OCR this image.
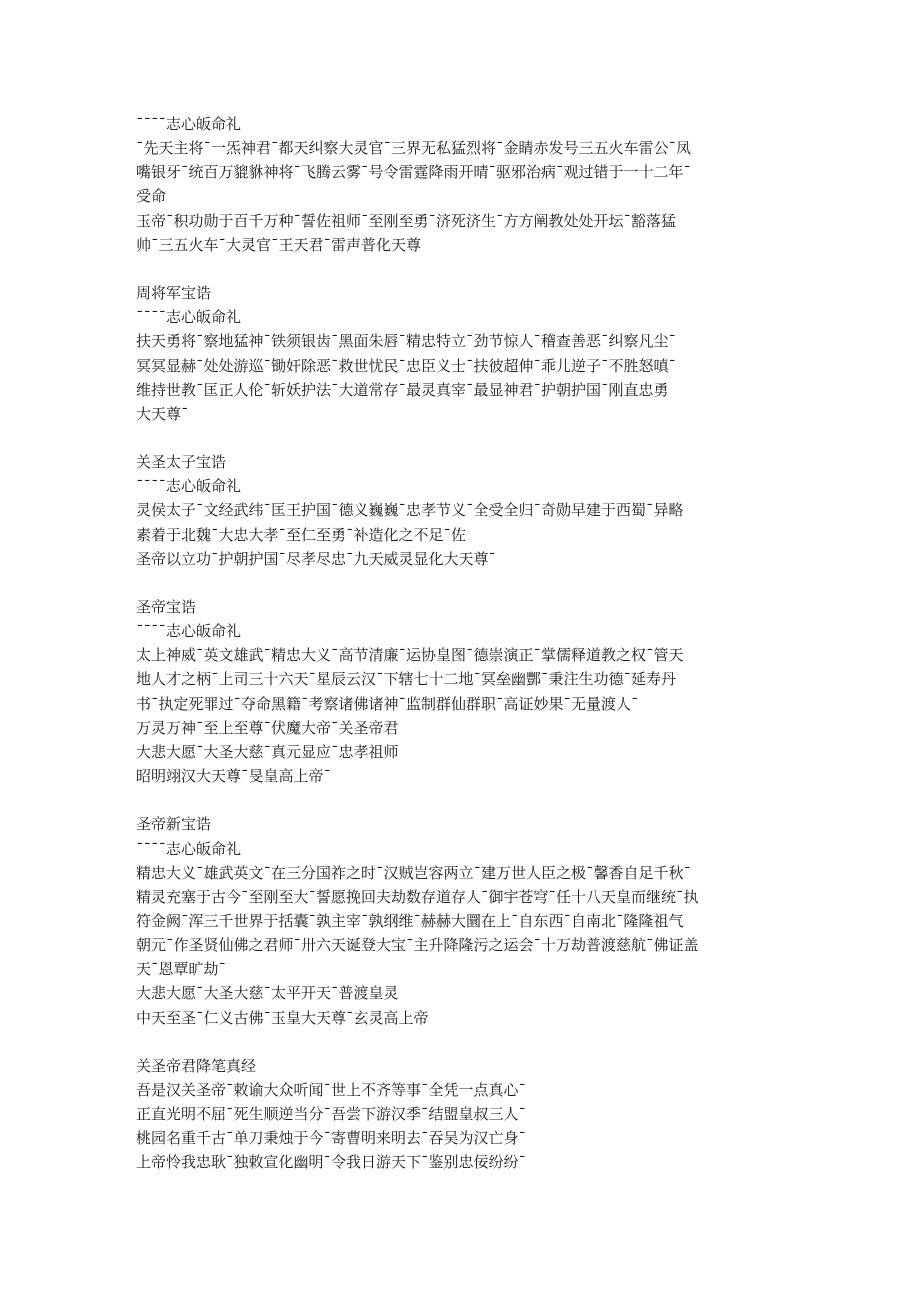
¯¯¯¯志心皈命礼
¯先天主将¯一炁神君¯都天纠察大灵官¯三界无私猛烈将¯金睛赤发号三五火车雷公¯凤
嘴银牙¯统百万貔貅神将¯飞腾云雾¯号令雷霆降雨开晴¯驱邪治病¯观过错于一十二年¯
受命
玉帝¯积功勋于百千万种¯誓佐祖师¯至刚至勇¯济死济生¯方方阐教处处开坛¯豁落猛
帅¯三五火车¯大灵官¯王天君¯雷声普化天尊
周将军宝诰
¯¯¯¯志心皈命礼
扶天勇将¯察地猛神¯铁须银齿¯黑面朱唇¯精忠特立¯劲节惊人¯稽查善恶¯纠察凡尘¯
冥冥显赫¯处处游巡¯锄奸除恶¯救世忧民¯忠臣义士¯扶彼超伸¯乖儿逆子¯不胜怒嗔¯
维持世教¯匡正人伦¯斩妖护法¯大道常存¯最灵真宰¯最显神君¯护朝护国¯刚直忠勇
大天尊¯
关圣太子宝诰
¯¯¯¯志心皈命礼
灵侯太子¯文经武纬¯匡王护国¯德义巍巍¯忠孝节义¯全受全归¯奇勋早建于西蜀¯异略
素着于北魏¯大忠大孝¯至仁至勇¯补造化之不足¯佐
圣帝以立功¯护朝护国¯尽孝尽忠¯九天威灵显化大天尊¯
圣帝宝诰
¯¯¯¯志心皈命礼
太上神威¯英文雄武¯精忠大义¯高节清廉¯运协皇图¯德崇演正¯掌儒释道教之权¯管天
地人才之柄¯上司三十六天¯星辰云汉¯下辖七十二地¯冥垒幽酆¯秉注生功德¯延寿丹
书¯执定死罪过¯夺命黑籍¯考察诸佛诸神¯监制群仙群职¯高证妙果¯无量渡人¯
万灵万神¯至上至尊¯伏魔大帝¯关圣帝君
大悲大愿¯大圣大慈¯真元显应¯忠孝祖师
昭明翊汉大天尊¯旻皇高上帝¯
圣帝新宝诰
¯¯¯¯志心皈命礼
精忠大义¯雄武英文¯在三分国祚之时¯汉贼岂容两立¯建万世人臣之极¯馨香自足千秋¯
精灵充塞于古今¯至刚至大¯誓愿挽回夫劫数存道存人¯御宇苍穹¯任十八天皇而继统¯执
符金阙¯浑三千世界于括囊¯孰主宰¯孰纲维¯赫赫大圜在上¯自东西¯自南北¯隆隆祖气
朝元¯作圣贤仙佛之君师¯卅六天诞登大宝¯主升降隆污之运会¯十万劫普渡慈航¯佛证盖
天¯恩覃旷劫¯
大悲大愿¯大圣大慈¯太平开天¯普渡皇灵
中天至圣¯仁义古佛¯玉皇大天尊¯玄灵高上帝
关圣帝君降笔真经
吾是汉关圣帝¯敕谕大众听闻¯世上不齐等事¯全凭一点真心¯
正直光明不屈¯死生顺逆当分¯吾尝下游汉季¯结盟皇叔三人¯
桃园名重千古¯单刀秉烛于今¯寄曹明来明去¯吞吴为汉亡身¯
上帝怜我忠耿¯独敕宣化幽明¯令我日游天下¯鉴别忠佞纷纷¯
